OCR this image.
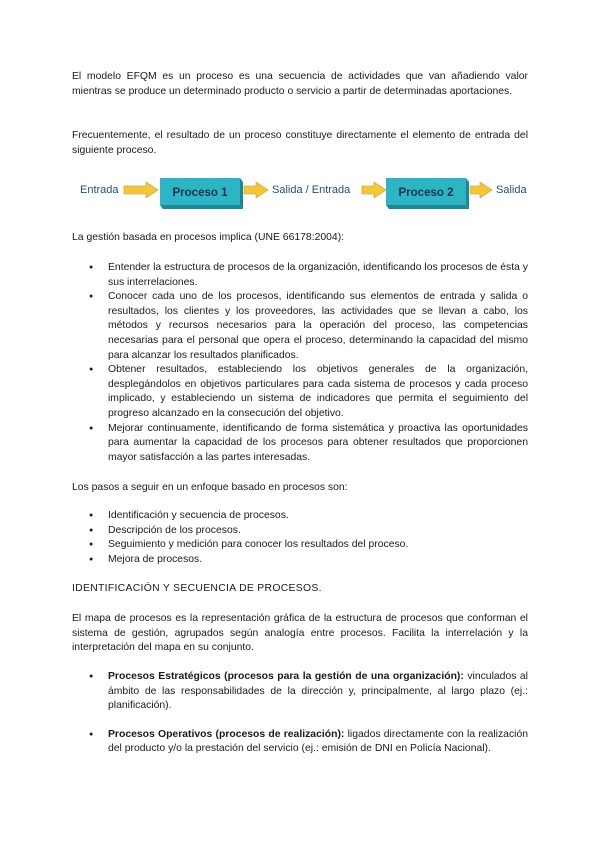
El modelo EFQM es un proceso es una secuencia de actividades que van añadiendo valor mientras se produce un determinado producto o servicio a partir de determinadas aportaciones.

Frecuentemente, el resultado de un proceso constituye directamente el elemento de entrada del siguiente proceso.

Entrada	Proceso 1	Salida / Entrada	Proceso 2	Salida

La gestión basada en procesos implica (UNE 66178:2004):

● Entender la estructura de procesos de la organización, identificando los procesos de ésta y sus interrelaciones.
● Conocer cada uno de los procesos, identificando sus elementos de entrada y salida o resultados, los clientes y los proveedores, las actividades que se llevan a cabo, los métodos y recursos necesarios para la operación del proceso, las competencias necesarias para el personal que opera el proceso, determinando la capacidad del mismo para alcanzar los resultados planificados.
● Obtener resultados, estableciendo los objetivos generales de la organización, desplegándolos en objetivos particulares para cada sistema de procesos y cada proceso implicado, y estableciendo un sistema de indicadores que permita el seguimiento del progreso alcanzado en la consecución del objetivo.
● Mejorar continuamente, identificando de forma sistemática y proactiva las oportunidades para aumentar la capacidad de los procesos para obtener resultados que proporcionen mayor satisfacción a las partes interesadas.

Los pasos a seguir en un enfoque basado en procesos son:

● Identificación y secuencia de procesos.
● Descripción de los procesos.
● Seguimiento y medición para conocer los resultados del proceso.
● Mejora de procesos.

IDENTIFICACIÓN Y SECUENCIA DE PROCESOS.

El mapa de procesos es la representación gráfica de la estructura de procesos que conforman el sistema de gestión, agrupados según analogía entre procesos. Facilita la interrelación y la interpretación del mapa en su conjunto.

● Procesos Estratégicos (procesos para la gestión de una organización): vinculados al ámbito de las responsabilidades de la dirección y, principalmente, al largo plazo (ej.: planificación).
● Procesos Operativos (procesos de realización): ligados directamente con la realización del producto y/o la prestación del servicio (ej.: emisión de DNI en Policía Nacional).
